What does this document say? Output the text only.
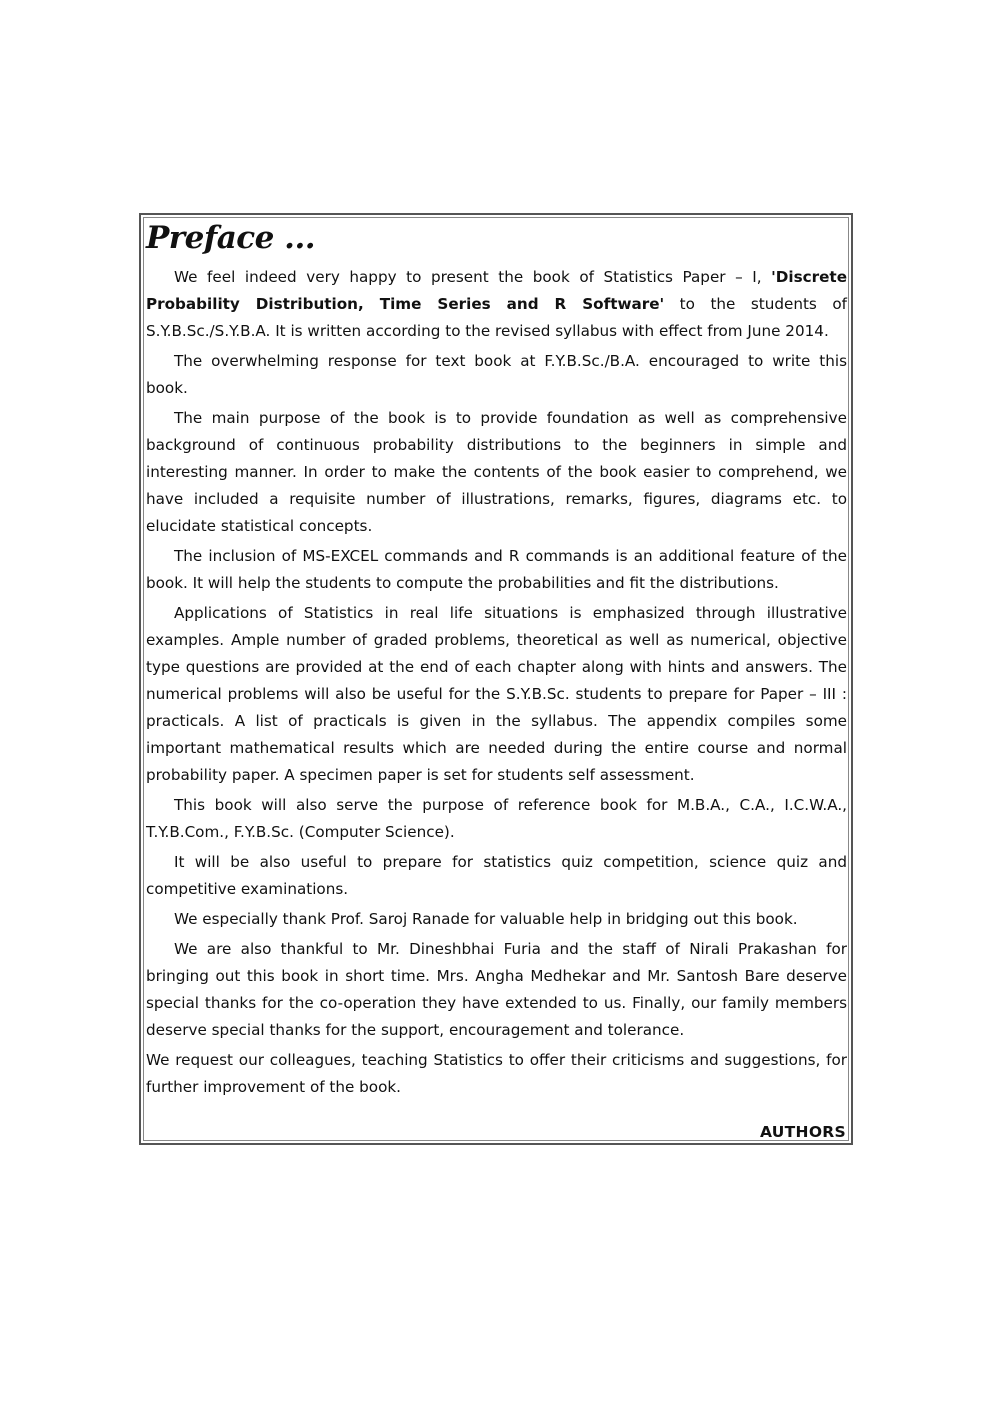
Preface ...

We feel indeed very happy to present the book of Statistics Paper – I, 'Discrete Probability Distribution, Time Series and R Software' to the students of S.Y.B.Sc./S.Y.B.A. It is written according to the revised syllabus with effect from June 2014.

The overwhelming response for text book at F.Y.B.Sc./B.A. encouraged to write this book.

The main purpose of the book is to provide foundation as well as comprehensive background of continuous probability distributions to the beginners in simple and interesting manner. In order to make the contents of the book easier to comprehend, we have included a requisite number of illustrations, remarks, figures, diagrams etc. to elucidate statistical concepts.

The inclusion of MS-EXCEL commands and R commands is an additional feature of the book. It will help the students to compute the probabilities and fit the distributions.

Applications of Statistics in real life situations is emphasized through illustrative examples. Ample number of graded problems, theoretical as well as numerical, objective type questions are provided at the end of each chapter along with hints and answers. The numerical problems will also be useful for the S.Y.B.Sc. students to prepare for Paper – III : practicals. A list of practicals is given in the syllabus. The appendix compiles some important mathematical results which are needed during the entire course and normal probability paper. A specimen paper is set for students self assessment.

This book will also serve the purpose of reference book for M.B.A., C.A., I.C.W.A., T.Y.B.Com., F.Y.B.Sc. (Computer Science).

It will be also useful to prepare for statistics quiz competition, science quiz and competitive examinations.

We especially thank Prof. Saroj Ranade for valuable help in bridging out this book.

We are also thankful to Mr. Dineshbhai Furia and the staff of Nirali Prakashan for bringing out this book in short time. Mrs. Angha Medhekar and Mr. Santosh Bare deserve special thanks for the co-operation they have extended to us. Finally, our family members deserve special thanks for the support, encouragement and tolerance.

We request our colleagues, teaching Statistics to offer their criticisms and suggestions, for further improvement of the book.

AUTHORS
